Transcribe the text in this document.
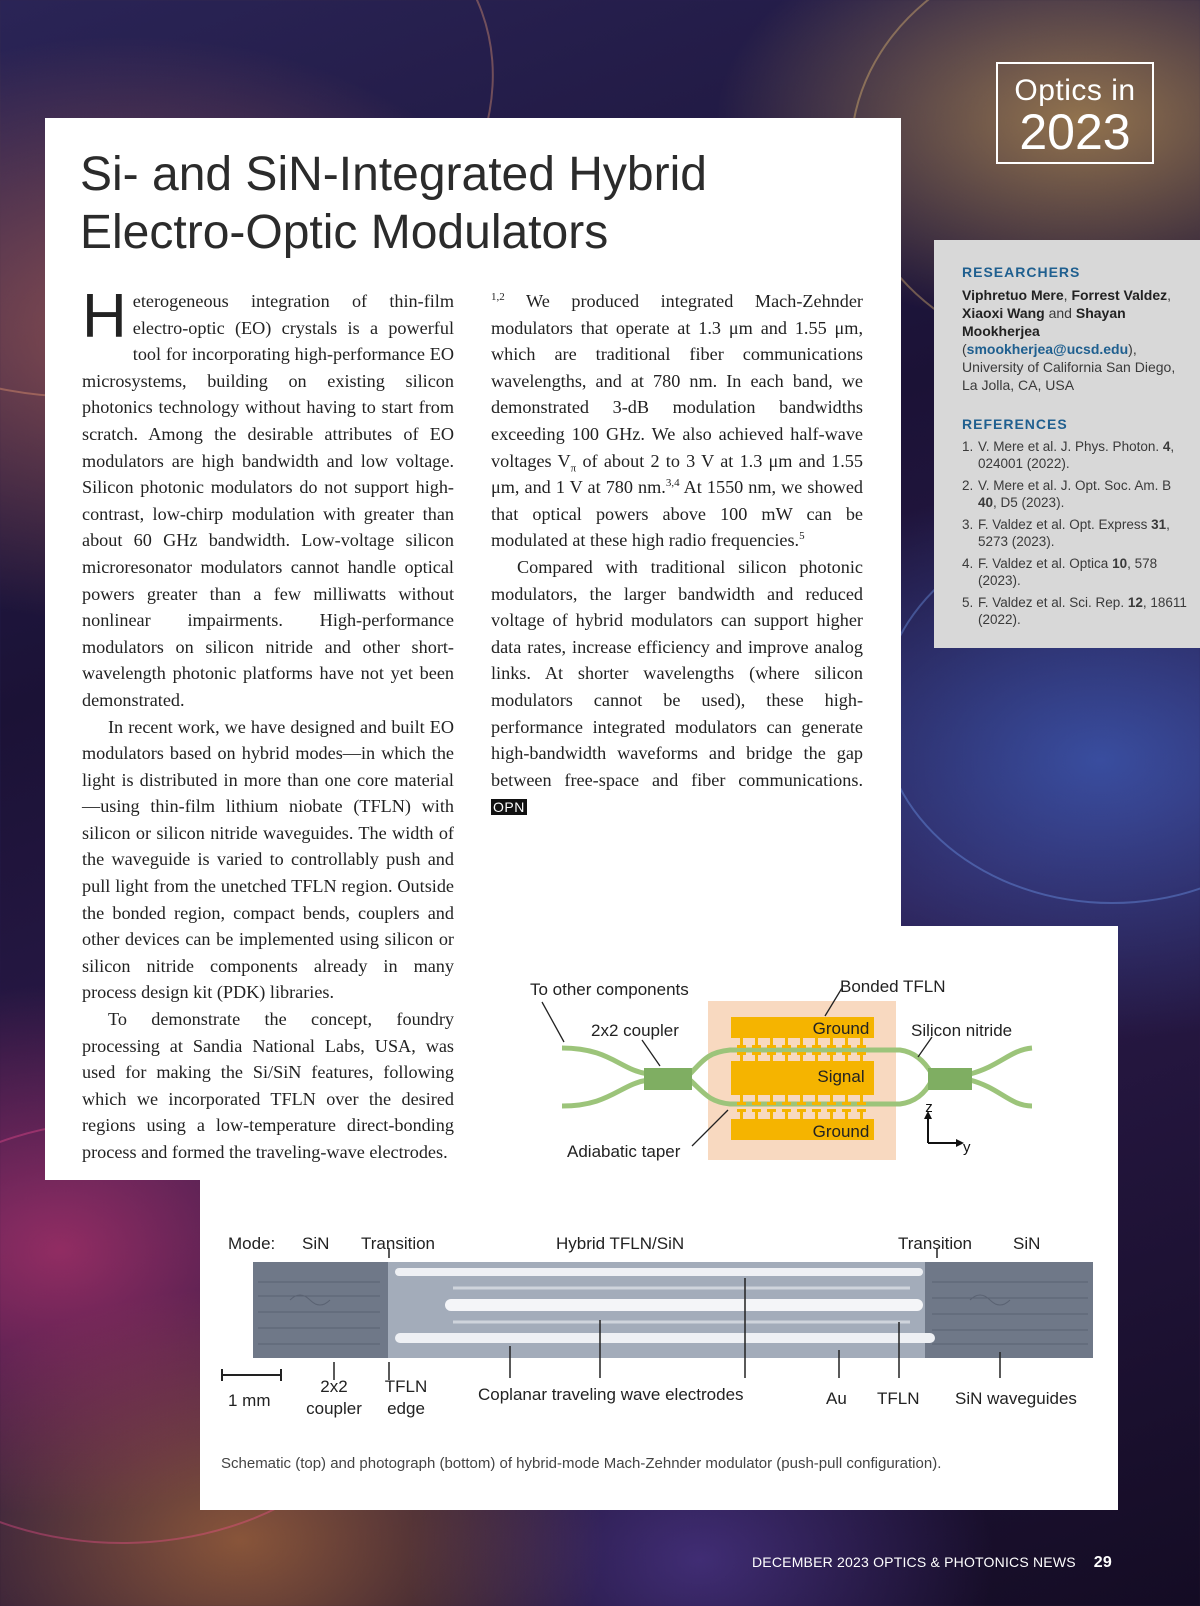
Optics in
2023
Si- and SiN-Integrated Hybrid
Electro-Optic Modulators

Heterogeneous integration of thin-film electro-optic (EO) crystals is a powerful tool for incorporating high-performance EO microsystems, building on existing silicon photonics technology without having to start from scratch. Among the desirable attributes of EO modulators are high bandwidth and low voltage. Silicon photonic modulators do not support high-contrast, low-chirp modulation with greater than about 60 GHz bandwidth. Low-voltage silicon microresonator modulators cannot handle optical powers greater than a few milliwatts without nonlinear impairments. High-performance modulators on silicon nitride and other short-wavelength photonic platforms have not yet been demonstrated.

In recent work, we have designed and built EO modulators based on hybrid modes—in which the light is distributed in more than one core material—using thin-film lithium niobate (TFLN) with silicon or silicon nitride waveguides. The width of the waveguide is varied to controllably push and pull light from the unetched TFLN region. Outside the bonded region, compact bends, couplers and other devices can be implemented using silicon or silicon nitride components already in many process design kit (PDK) libraries.

To demonstrate the concept, foundry processing at Sandia National Labs, USA, was used for making the Si/SiN features, following which we incorporated TFLN over the desired regions using a low-temperature direct-bonding process and formed the traveling-wave electrodes.

$^{1,2}$ We produced integrated Mach-Zehnder modulators that operate at 1.3 μm and 1.55 μm, which are traditional fiber communications wavelengths, and at 780 nm. In each band, we demonstrated 3-dB modulation bandwidths exceeding 100 GHz. We also achieved half-wave voltages $V_\pi$ of about 2 to 3 V at 1.3 μm and 1.55 μm, and 1 V at 780 nm.$^{3,4}$ At 1550 nm, we showed that optical powers above 100 mW can be modulated at these high radio frequencies.$^5$

Compared with traditional silicon photonic modulators, the larger bandwidth and reduced voltage of hybrid modulators can support higher data rates, increase efficiency and improve analog links. At shorter wavelengths (where silicon modulators cannot be used), these high-performance integrated modulators can generate high-bandwidth waveforms and bridge the gap between free-space and fiber communications. OPN

RESEARCHERS
Viphretuo Mere, Forrest Valdez, Xiaoxi Wang and Shayan Mookherjea (smookherjea@ucsd.edu), University of California San Diego, La Jolla, CA, USA
REFERENCES
1. V. Mere et al. J. Phys. Photon. 4, 024001 (2022).
2. V. Mere et al. J. Opt. Soc. Am. B 40, D5 (2023).
3. F. Valdez et al. Opt. Express 31, 5273 (2023).
4. F. Valdez et al. Optica 10, 578 (2023).
5. F. Valdez et al. Sci. Rep. 12, 18611 (2022).
To other components
2x2 coupler
Bonded TFLN
Silicon nitride
Ground
Signal
Ground
Adiabatic taper
z
y
Mode: SiN Transition	Hybrid TFLN/SiN	Transition SiN
1 mm
2x2
coupler
TFLN
edge
Coplanar traveling wave electrodes	Au TFLN SiN waveguides
Schematic (top) and photograph (bottom) of hybrid-mode Mach-Zehnder modulator (push-pull configuration).
DECEMBER 2023 OPTICS & PHOTONICS NEWS 29
